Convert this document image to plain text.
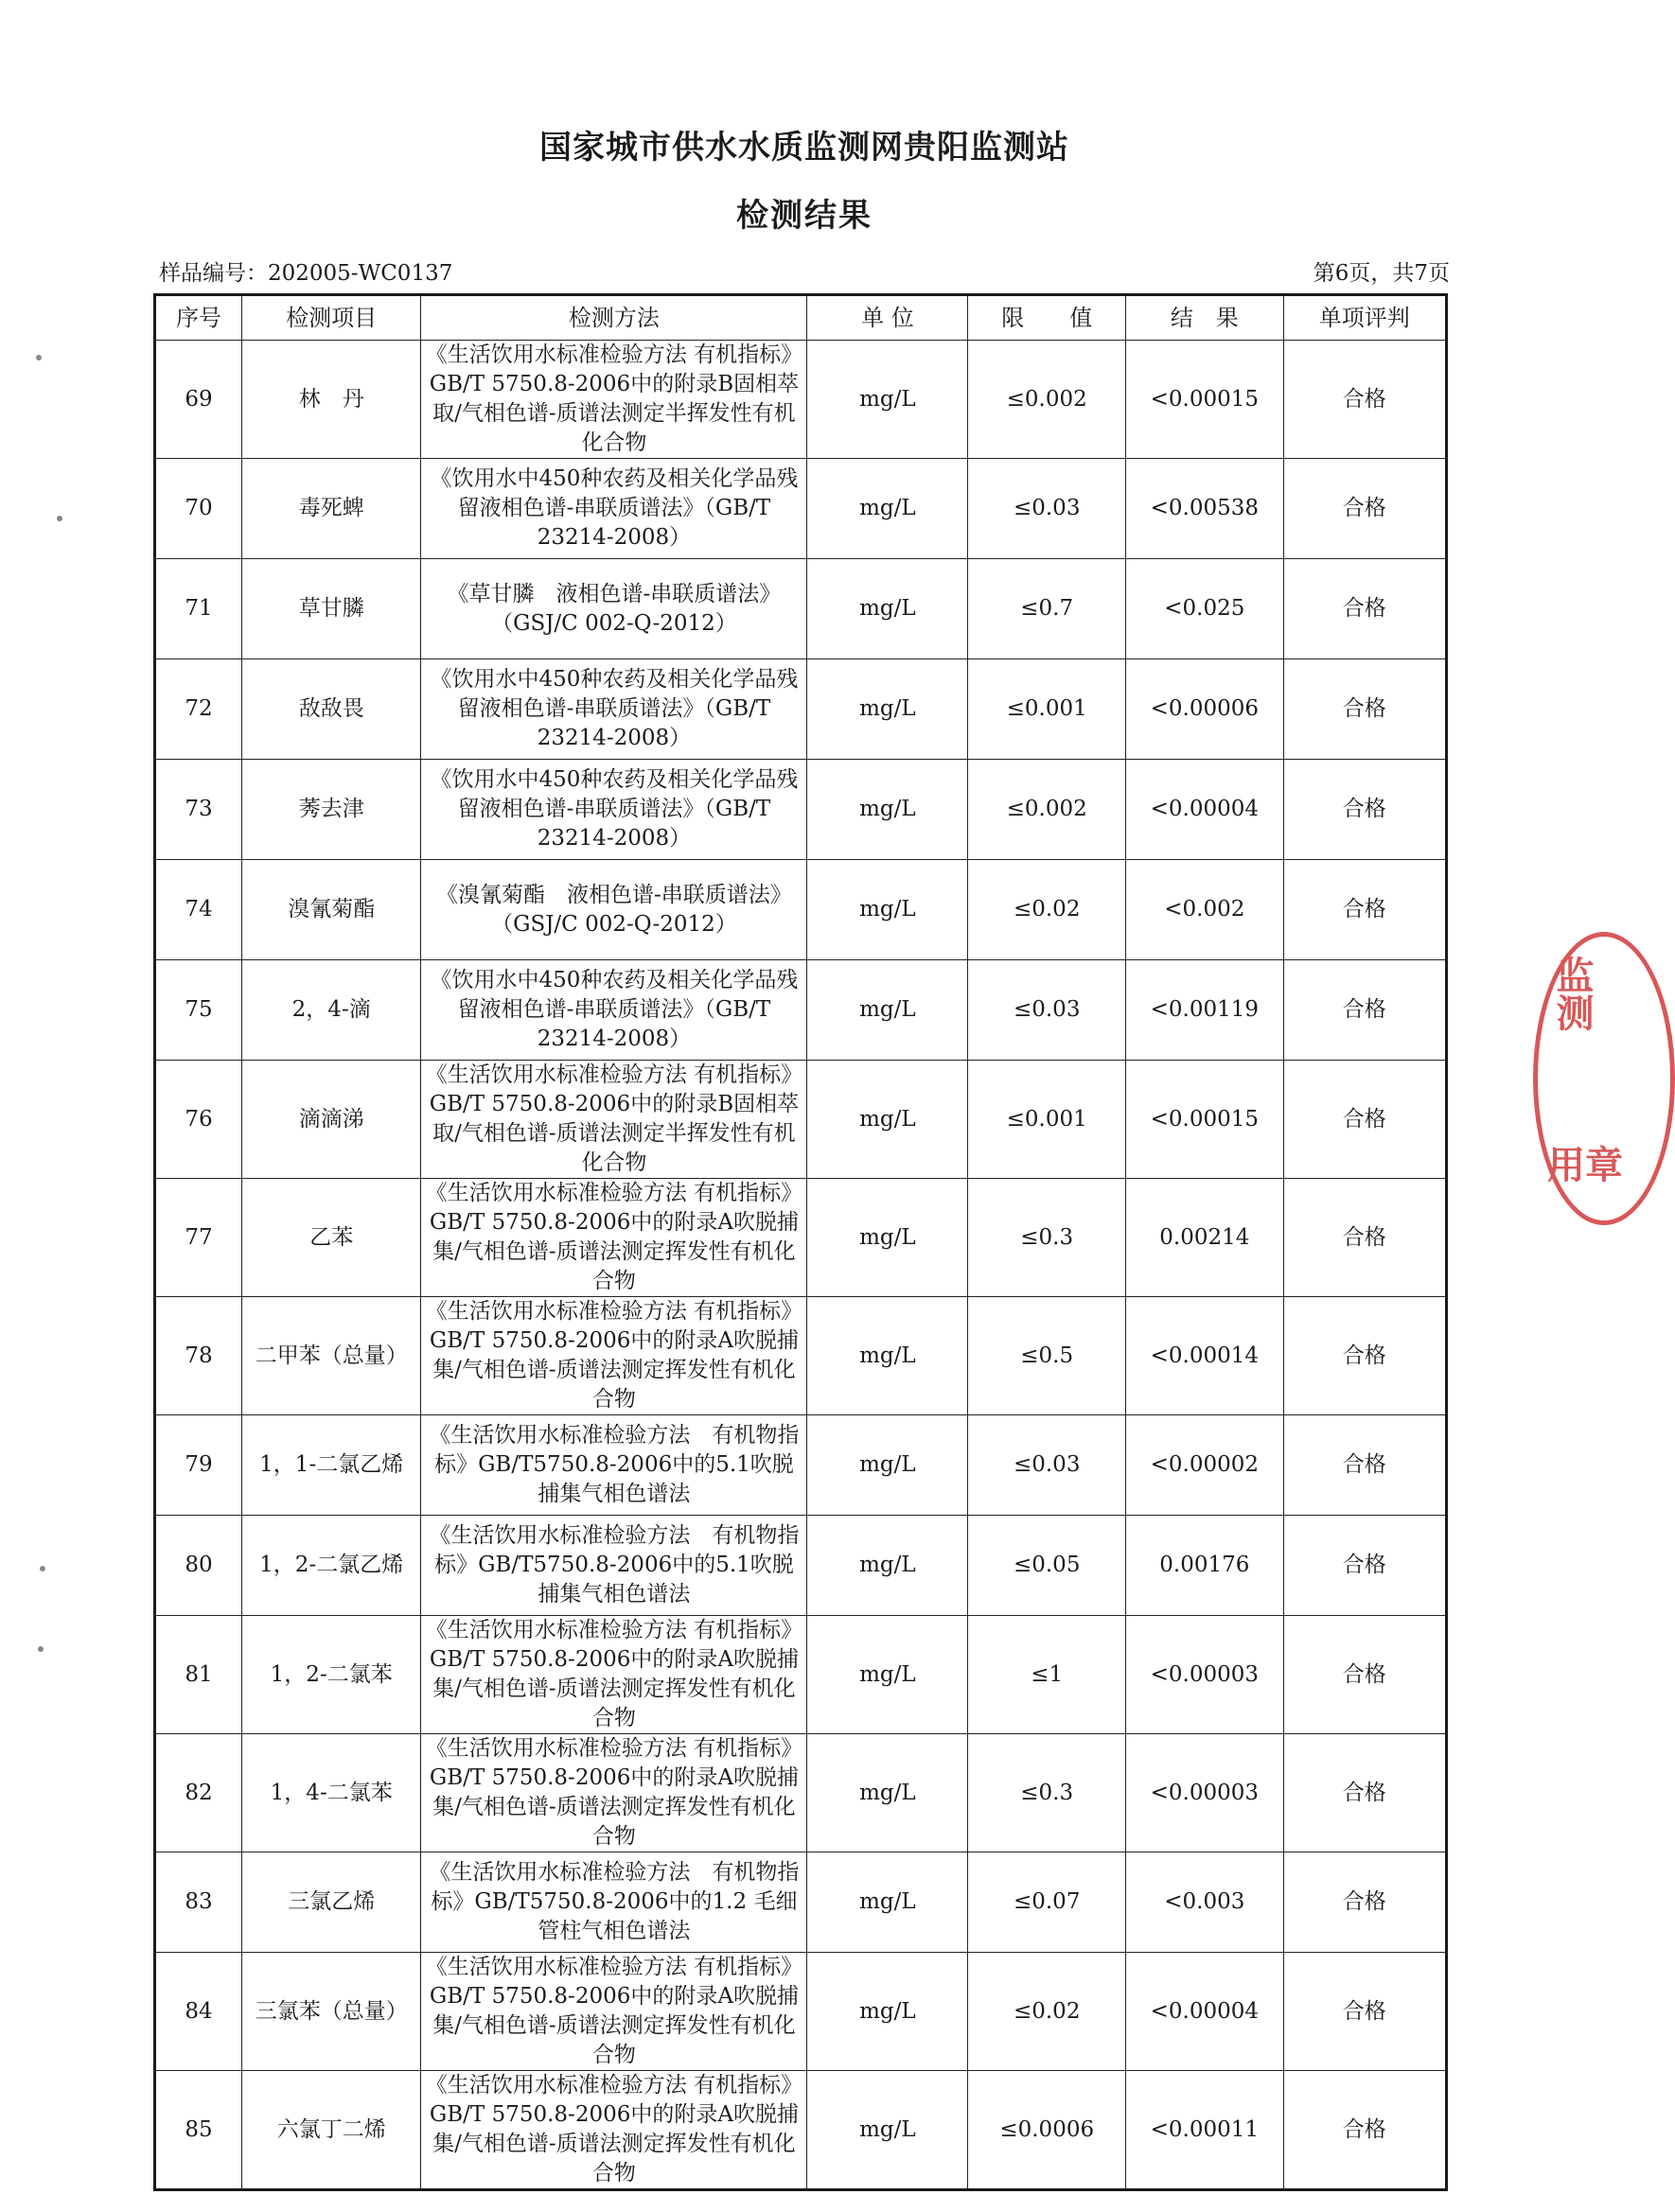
国家城市供水水质监测网贵阳监测站
检测结果
样品编号：202005-WC0137	第6页，共7页
序号	检测项目	检测方法	单 位	限　　值	结　果	单项评判
69	林　丹	《生活饮用水标准检验方法 有机指标》GB/T 5750.8-2006中的附录B固相萃取/气相色谱-质谱法测定半挥发性有机化合物	mg/L	≤0.002	<0.00015	合格
70	毒死蜱	《饮用水中450种农药及相关化学品残留液相色谱-串联质谱法》（GB/T 23214-2008）	mg/L	≤0.03	<0.00538	合格
71	草甘膦	《草甘膦　液相色谱-串联质谱法》（GSJ/C 002-Q-2012）	mg/L	≤0.7	<0.025	合格
72	敌敌畏	《饮用水中450种农药及相关化学品残留液相色谱-串联质谱法》（GB/T 23214-2008）	mg/L	≤0.001	<0.00006	合格
73	莠去津	《饮用水中450种农药及相关化学品残留液相色谱-串联质谱法》（GB/T 23214-2008）	mg/L	≤0.002	<0.00004	合格
74	溴氰菊酯	《溴氰菊酯　液相色谱-串联质谱法》（GSJ/C 002-Q-2012）	mg/L	≤0.02	<0.002	合格
75	2，4-滴	《饮用水中450种农药及相关化学品残留液相色谱-串联质谱法》（GB/T 23214-2008）	mg/L	≤0.03	<0.00119	合格
76	滴滴涕	《生活饮用水标准检验方法 有机指标》GB/T 5750.8-2006中的附录B固相萃取/气相色谱-质谱法测定半挥发性有机化合物	mg/L	≤0.001	<0.00015	合格
77	乙苯	《生活饮用水标准检验方法 有机指标》GB/T 5750.8-2006中的附录A吹脱捕集/气相色谱-质谱法测定挥发性有机化合物	mg/L	≤0.3	0.00214	合格
78	二甲苯（总量）	《生活饮用水标准检验方法 有机指标》GB/T 5750.8-2006中的附录A吹脱捕集/气相色谱-质谱法测定挥发性有机化合物	mg/L	≤0.5	<0.00014	合格
79	1，1-二氯乙烯	《生活饮用水标准检验方法　有机物指标》GB/T5750.8-2006中的5.1吹脱捕集气相色谱法	mg/L	≤0.03	<0.00002	合格
80	1，2-二氯乙烯	《生活饮用水标准检验方法　有机物指标》GB/T5750.8-2006中的5.1吹脱捕集气相色谱法	mg/L	≤0.05	0.00176	合格
81	1，2-二氯苯	《生活饮用水标准检验方法 有机指标》GB/T 5750.8-2006中的附录A吹脱捕集/气相色谱-质谱法测定挥发性有机化合物	mg/L	≤1	<0.00003	合格
82	1，4-二氯苯	《生活饮用水标准检验方法 有机指标》GB/T 5750.8-2006中的附录A吹脱捕集/气相色谱-质谱法测定挥发性有机化合物	mg/L	≤0.3	<0.00003	合格
83	三氯乙烯	《生活饮用水标准检验方法　有机物指标》GB/T5750.8-2006中的1.2 毛细管柱气相色谱法	mg/L	≤0.07	<0.003	合格
84	三氯苯（总量）	《生活饮用水标准检验方法 有机指标》GB/T 5750.8-2006中的附录A吹脱捕集/气相色谱-质谱法测定挥发性有机化合物	mg/L	≤0.02	<0.00004	合格
85	六氯丁二烯	《生活饮用水标准检验方法 有机指标》GB/T 5750.8-2006中的附录A吹脱捕集/气相色谱-质谱法测定挥发性有机化合物	mg/L	≤0.0006	<0.00011	合格
监测
用章
